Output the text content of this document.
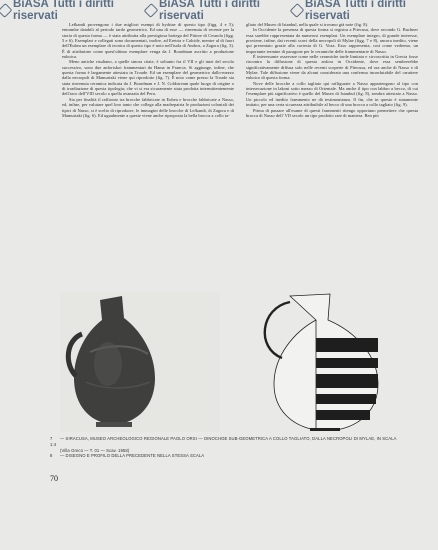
BiASA Tutti i diritti riservati
BiASA Tutti i diritti riservati
BiASA Tutti i diritti riservati

Lefkandi provengono i due migliori esempi di hydriae di questo tipo (figg. 4 e 5); entrambe databili al periodo tardo geometrico. Ed una di esse — rinvenuta di recente per la storia di questa forma — è stata attribuita alla prestigiosa bottega del Pittore di Cesnola (figg. 5 e 6). Esemplari e collegati sono documentati, inoltre, ad Eretria e Calcide, mentre al di fuori dell'Eubea un esemplare di tecnica di questo tipo è noto nell'isola di Andros, a Zagora (fig. 3). È di attribuirne come quest'ultimo esemplare venga da J. Boardman ascritto a produzione euboica.

Meno antiche risultano, a quelle sinora citate, è soltanto fra il VII e gli inizi del secolo successivo, sono due anforiskoi frammentari da Hama in Francia. Si aggiunge, infine, che questa forma è largamente attestata in Troade. Ed un esemplare del geometrico dallo-mezzo dalla necropoli di Mamurtaki viene qui riprodotto (fig. 7). È noto come presso la Troade sia stata rinvenuta ceramica indicata da J. Boardman e J. N. Coldstream quale luogo di origine o di irradiazione di questa tipologia; che vi si era sicuramente stata prodotta intermittentemente dell'arco dell'VIII secolo a quella avanzata del Peru.

Sia per finalità il raffronto tra brocche fabbricate in Eubea e brocche fabbricate a Nasso, ed, infine, per valutare quel loro tanto che collega alla madrepatria le produzioni coloniali dei tipici di Nasso, si è scelto di riprodurre, le immagini delle brocche di Lefkandi, di Zagora e di Mamurtaki (fig. 6). Ed ugualmente a queste viene anche riproposta la bella brocca a collo ta-

gliato del Museo di Istanbul, nella quale si trovano già note (fig. 8).

In Occidente la presenza di questa forma si registra a Pitecusa, dove secondo G. Buchner essa sarebbe rappresentata da numerosi esemplari. Un esemplare integro, di grande interesse, proviene, infine, dai recenti scavi della necropoli di Mylae (figg. 7 e 8), ancora inedito, viene qui presentato grazie alla cortesia di G. Voza. Esso rappresenta, così come vedremo, un importante termine di paragone per le ceramiche delle frammentarie di Nasso.

È interessante osservare come nelle ceramiche tarde limitata e circoscritta in Grecia fosse riscontro la diffusione di questa anfora in Occidente, dove essa sembrerebbe significativamente diffusa solo nelle recenti scoperte di Pitecusa, ed ora anche di Nasso e di Mylae. Tale diffusione viene da alcuni considerata una conferma inconfutabile del carattere euboico di questa forma.

Nove delle brocche a collo tagliato qui raffigurate a Nasso appartengono al tipo con intersecazione in lakoni sotto mezzo di Orientale. Ma anche il tipo con labbro a becco, di cui l'esemplare più significativo è quello del Museo di Istanbul (fig. 8), sembra attestato a Nasso. Un piccolo ed inedito frammento ne dà testimonianza. Il fin, che in questo è statamente imitato, per una certa sicurezza attribuibile al becco di una brocca a collo tagliato (fig. 9).

Prima di passare all'esame di questi frammenti ritengo opportuno premettere che questa brocca di Nasso dell' VII secolo un tipo prodotto rare di maniera. Ben più

7 — SIRACUSA, MUSEO ARCHEOLOGICO REGIONALE PAOLO ORSI — OINOCHOE SUB-GEOMETRICA A COLLO TAGLIATO, DALLA NECROPOLI DI MYLAE, IN SCALA 1:4
(Villa Greco — T. 01 — Scav. 1958)
8 — DISEGNO E PROFILO DELLA PRECEDENTE NELLA STESSA SCALA
70
